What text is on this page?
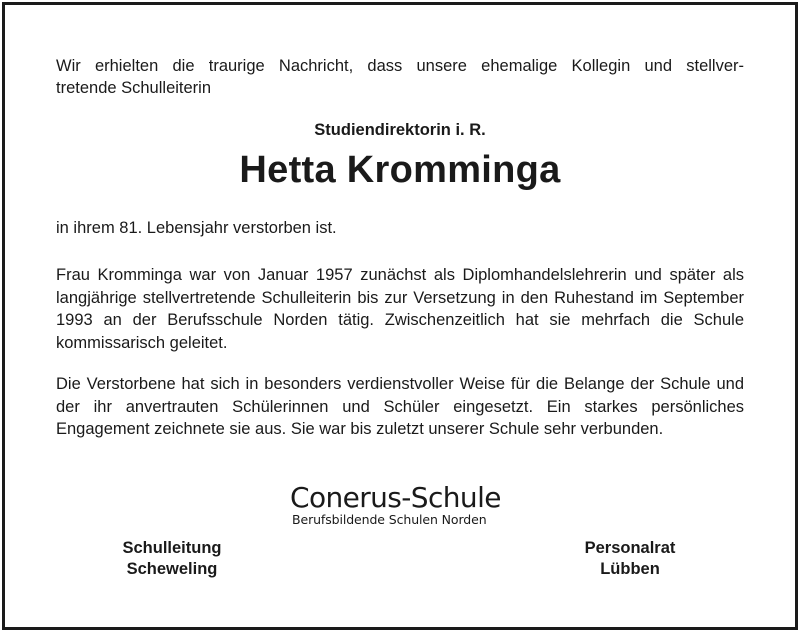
Wir erhielten die traurige Nachricht, dass unsere ehemalige Kollegin und stellver-
tretende Schulleiterin
Studiendirektorin i. R.
Hetta Kromminga
in ihrem 81. Lebensjahr verstorben ist.
Frau Kromminga war von Januar 1957 zunächst als Diplomhandelslehrerin und später als langjährige stellvertretende Schulleiterin bis zur Versetzung in den Ruhestand im September 1993 an der Berufsschule Norden tätig. Zwischenzeitlich hat sie mehrfach die Schule kommissarisch geleitet.
Die Verstorbene hat sich in besonders verdienstvoller Weise für die Belange der Schule und der ihr anvertrauten Schülerinnen und Schüler eingesetzt. Ein starkes persönliches Engagement zeichnete sie aus. Sie war bis zuletzt unserer Schule sehr verbunden.
Conerus-Schule
Berufsbildende Schulen Norden
Schulleitung
Scheweling
Personalrat
Lübben
